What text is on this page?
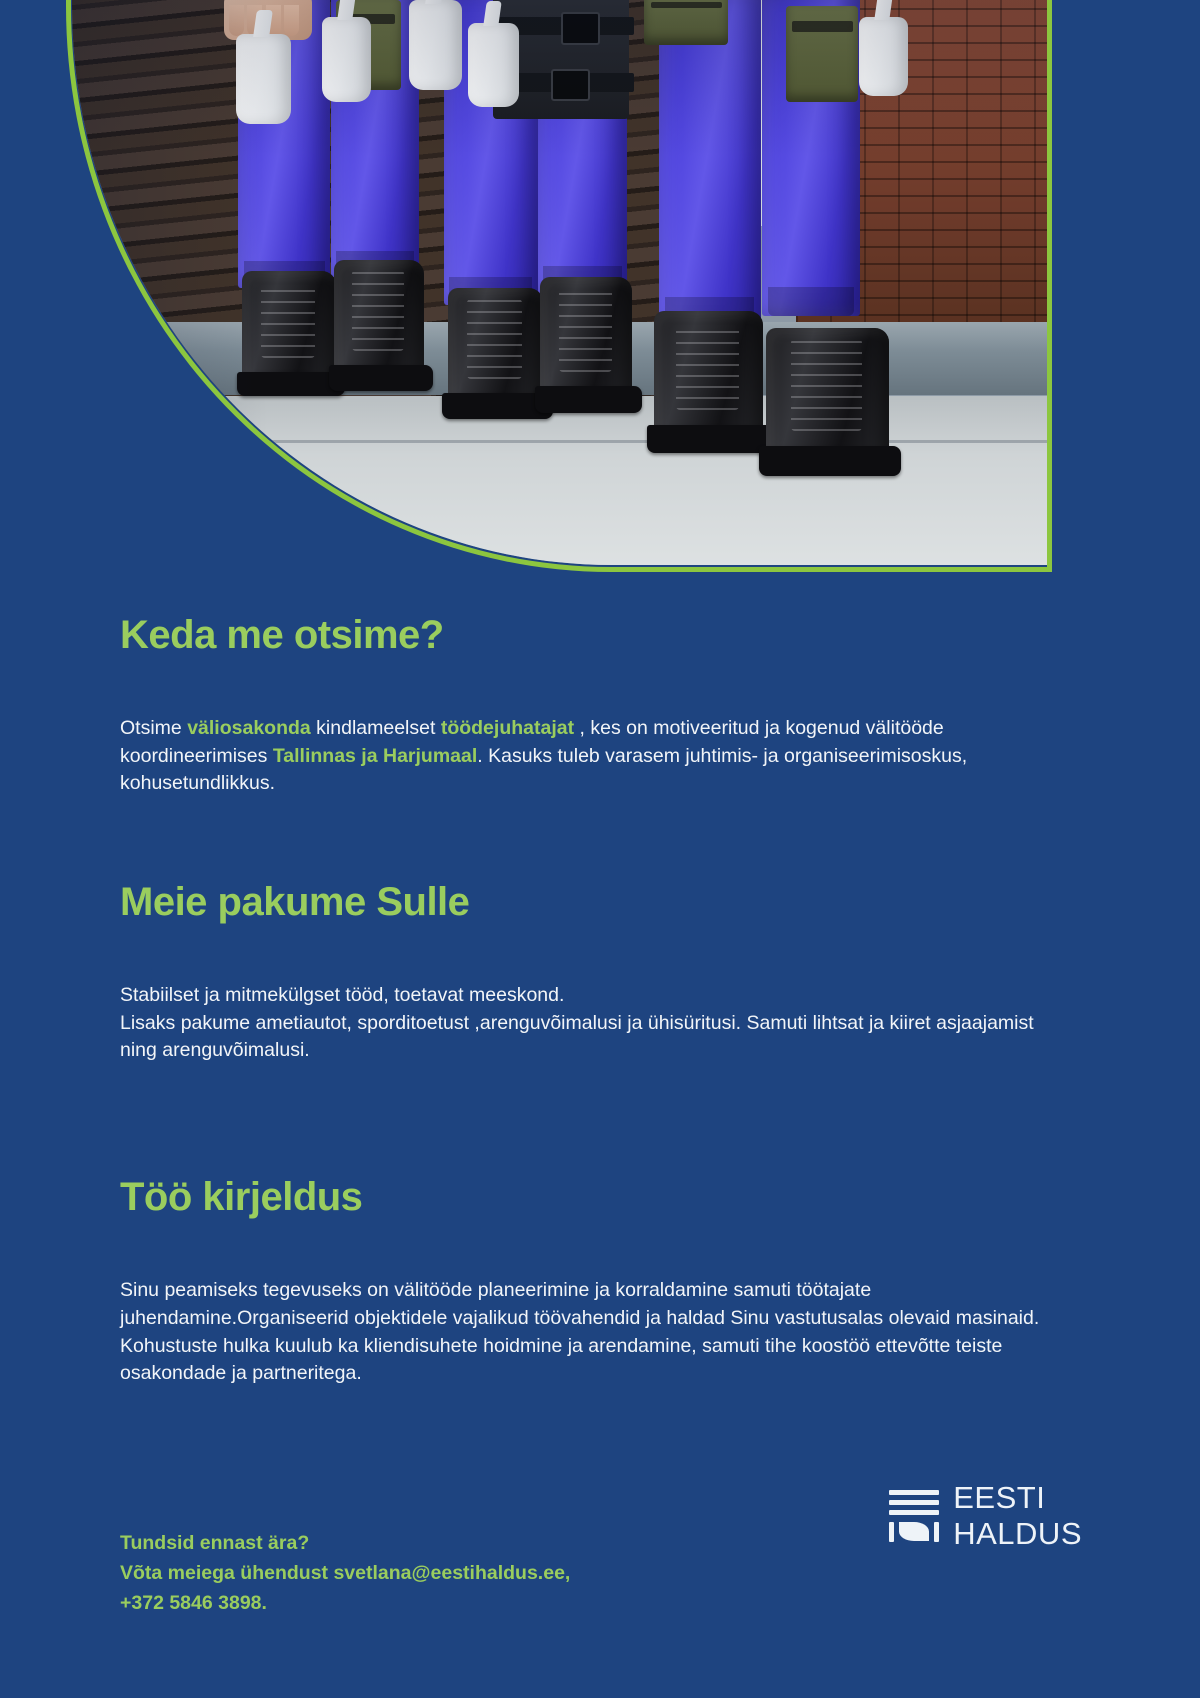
Keda me otsime?

Otsime väliosakonda kindlameelset töödejuhatajat , kes on motiveeritud ja kogenud välitööde koordineerimises Tallinnas ja Harjumaal. Kasuks tuleb varasem juhtimis- ja organiseerimisoskus, kohusetundlikkus.

Meie pakume Sulle

Stabiilset ja mitmekülgset tööd, toetavat meeskond.
Lisaks pakume ametiautot, sporditoetust ,arenguvõimalusi ja ühisüritusi. Samuti lihtsat ja kiiret asjaajamist ning arenguvõimalusi.

Töö kirjeldus

Sinu peamiseks tegevuseks on välitööde planeerimine ja korraldamine samuti töötajate juhendamine.Organiseerid objektidele vajalikud töövahendid ja haldad Sinu vastutusalas olevaid masinaid. Kohustuste hulka kuulub ka kliendisuhete hoidmine ja arendamine, samuti tihe koostöö ettevõtte teiste osakondade ja partneritega.

Tundsid ennast ära?
Võta meiega ühendust svetlana@eestihaldus.ee,
+372 5846 3898.
EESTI
HALDUS
